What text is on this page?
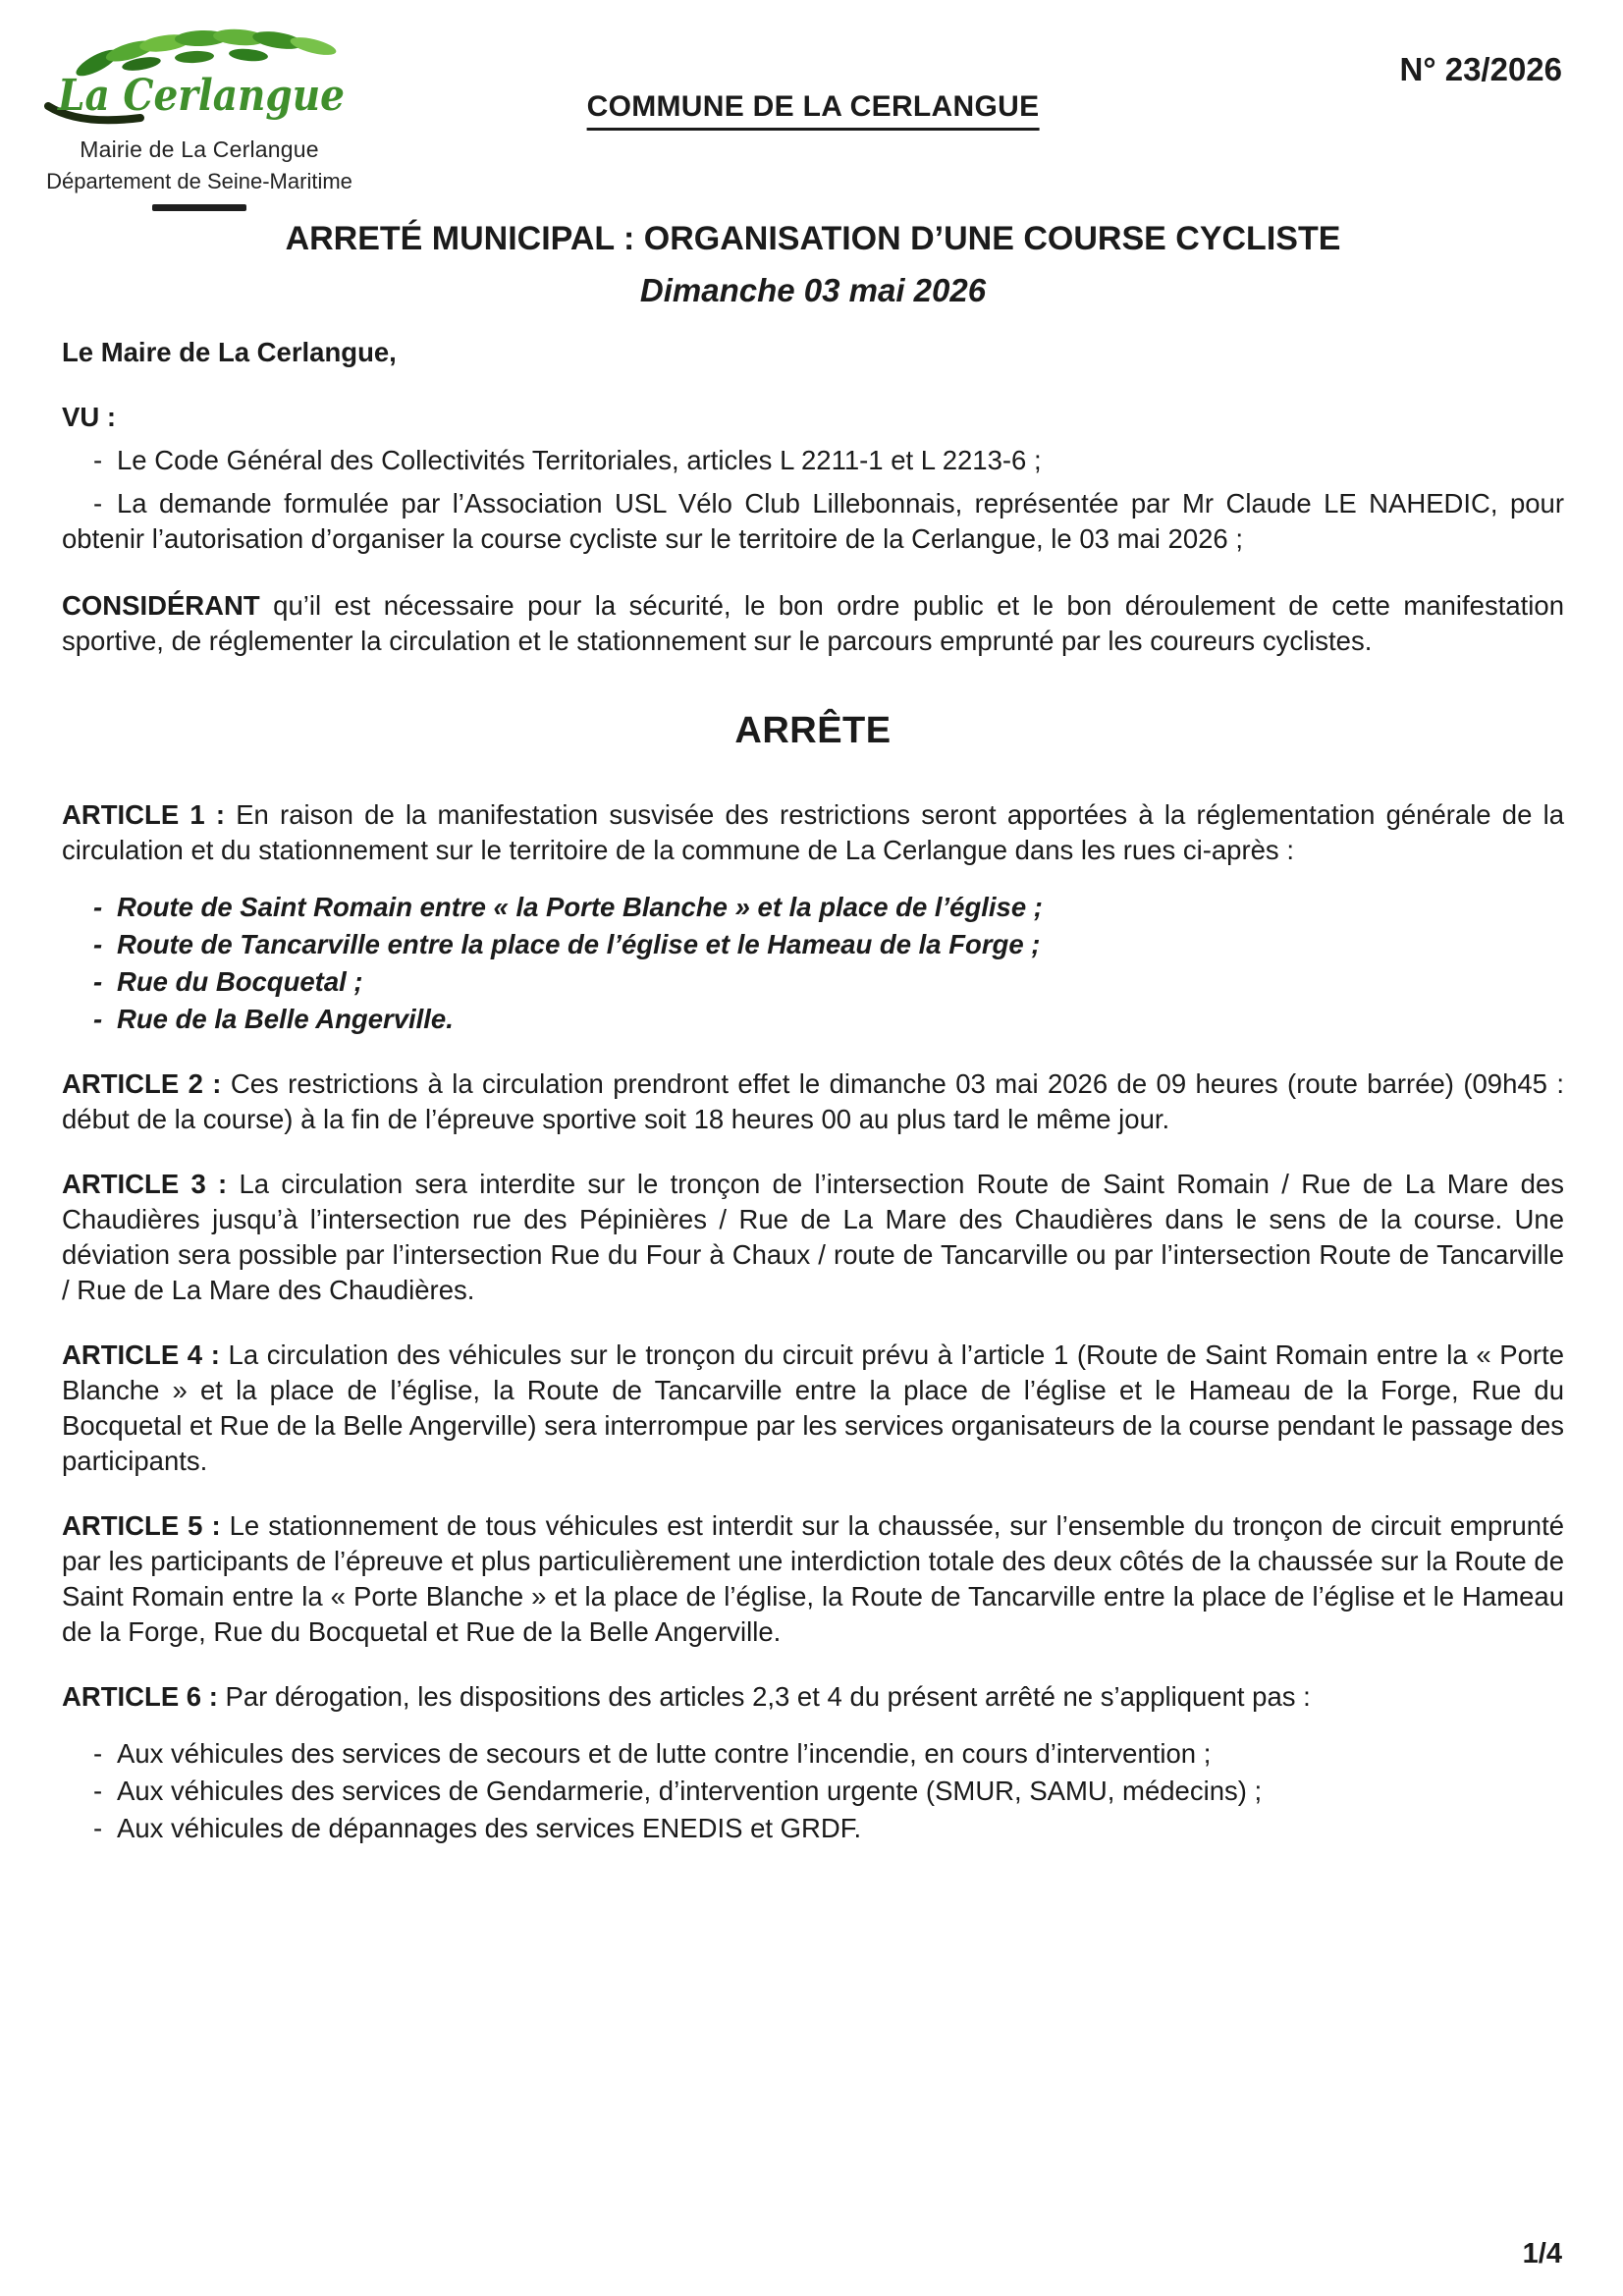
La Cerlangue
Mairie de La Cerlangue
Département de Seine-Maritime
COMMUNE DE LA CERLANGUE
N° 23/2026
ARRETÉ MUNICIPAL : ORGANISATION D’UNE COURSE CYCLISTE
Dimanche 03 mai 2026

Le Maire de La Cerlangue,

VU :

- Le Code Général des Collectivités Territoriales, articles L 2211-1 et L 2213-6 ;

- La demande formulée par l’Association USL Vélo Club Lillebonnais, représentée par Mr Claude LE NAHEDIC, pour obtenir l’autorisation d’organiser la course cycliste sur le territoire de la Cerlangue, le 03 mai 2026 ;

CONSIDÉRANT qu’il est nécessaire pour la sécurité, le bon ordre public et le bon déroulement de cette manifestation sportive, de réglementer la circulation et le stationnement sur le parcours emprunté par les coureurs cyclistes.

ARRÊTE

ARTICLE 1 : En raison de la manifestation susvisée des restrictions seront apportées à la réglementation générale de la circulation et du stationnement sur le territoire de la commune de La Cerlangue dans les rues ci-après :

- Route de Saint Romain entre « la Porte Blanche » et la place de l’église ;

- Route de Tancarville entre la place de l’église et le Hameau de la Forge ;

- Rue du Bocquetal ;

- Rue de la Belle Angerville.

ARTICLE 2 : Ces restrictions à la circulation prendront effet le dimanche 03 mai 2026 de 09 heures (route barrée) (09h45 : début de la course) à la fin de l’épreuve sportive soit 18 heures 00 au plus tard le même jour.

ARTICLE 3 : La circulation sera interdite sur le tronçon de l’intersection Route de Saint Romain / Rue de La Mare des Chaudières jusqu’à l’intersection rue des Pépinières / Rue de La Mare des Chaudières dans le sens de la course. Une déviation sera possible par l’intersection Rue du Four à Chaux / route de Tancarville ou par l’intersection Route de Tancarville / Rue de La Mare des Chaudières.

ARTICLE 4 : La circulation des véhicules sur le tronçon du circuit prévu à l’article 1 (Route de Saint Romain entre la « Porte Blanche » et la place de l’église, la Route de Tancarville entre la place de l’église et le Hameau de la Forge, Rue du Bocquetal et Rue de la Belle Angerville) sera interrompue par les services organisateurs de la course pendant le passage des participants.

ARTICLE 5 : Le stationnement de tous véhicules est interdit sur la chaussée, sur l’ensemble du tronçon de circuit emprunté par les participants de l’épreuve et plus particulièrement une interdiction totale des deux côtés de la chaussée sur la Route de Saint Romain entre la « Porte Blanche » et la place de l’église, la Route de Tancarville entre la place de l’église et le Hameau de la Forge, Rue du Bocquetal et Rue de la Belle Angerville.

ARTICLE 6 : Par dérogation, les dispositions des articles 2,3 et 4 du présent arrêté ne s’appliquent pas :

- Aux véhicules des services de secours et de lutte contre l’incendie, en cours d’intervention ;

- Aux véhicules des services de Gendarmerie, d’intervention urgente (SMUR, SAMU, médecins) ;

- Aux véhicules de dépannages des services ENEDIS et GRDF.

1/4
